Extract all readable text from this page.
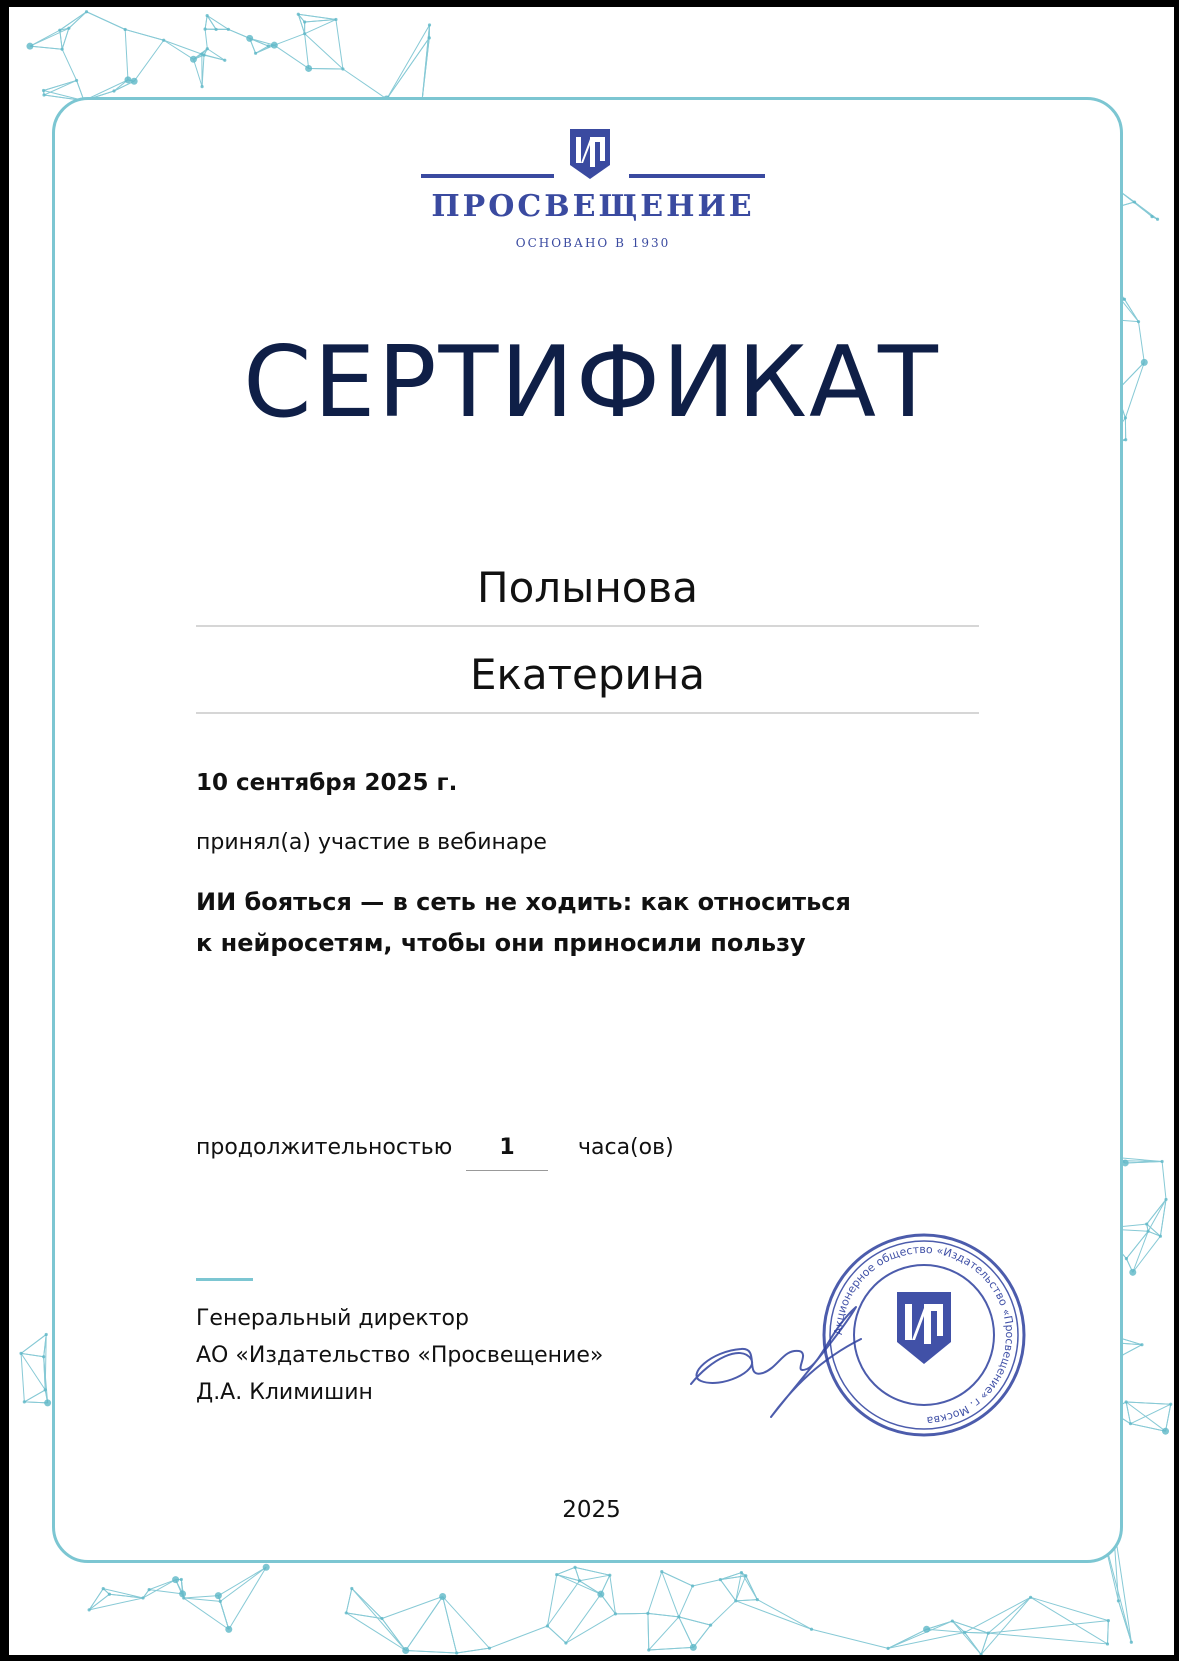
ПРОСВЕЩЕНИЕ
ОСНОВАНО В 1930
СЕРТИФИКАТ
Полынова
Екатерина
10 сентября 2025 г.
принял(а) участие в вебинаре
ИИ бояться — в сеть не ходить: как относиться
к нейросетям, чтобы они приносили пользу
продолжительностью	1	часа(ов)
Генеральный директор
АО «Издательство «Просвещение»
Д.А. Климишин
Акционерное общество «Издательство «Просвещение» г. Москва
2025
